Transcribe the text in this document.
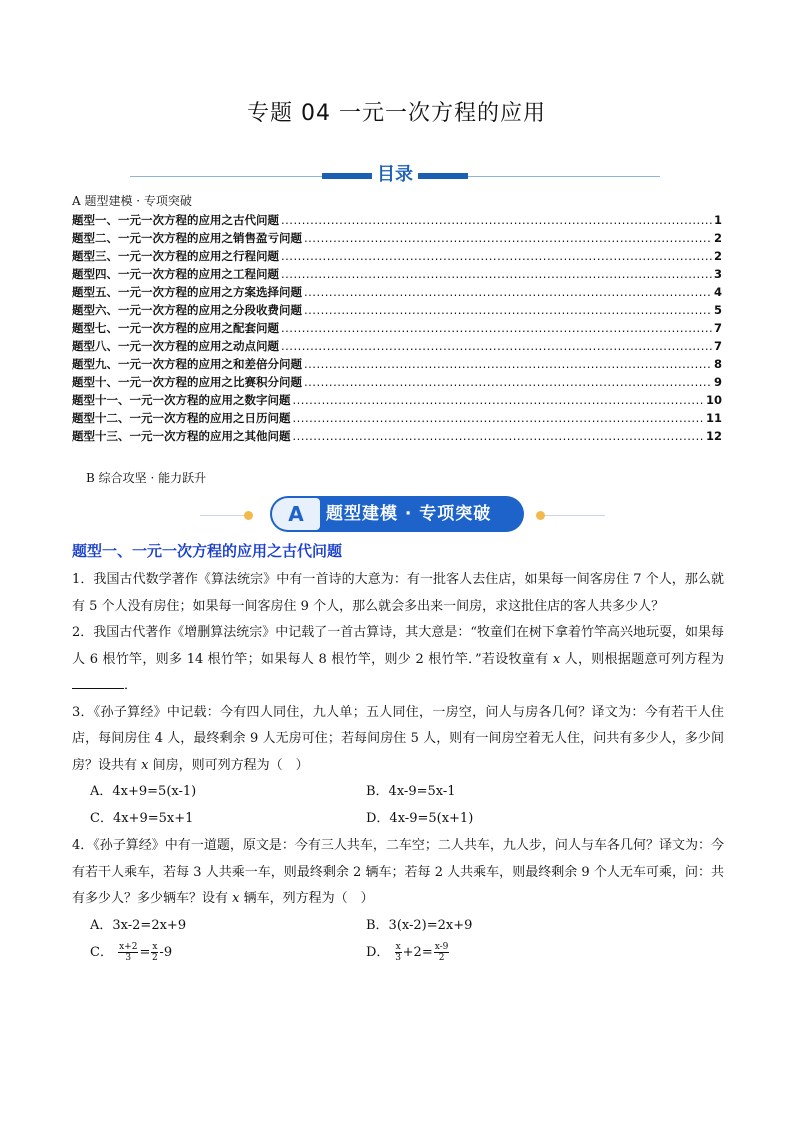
专题 04 一元一次方程的应用
目录
A 题型建模 · 专项突破
题型一、一元一次方程的应用之古代问题 .....	1
题型二、一元一次方程的应用之销售盈亏问题 .....	2
题型三、一元一次方程的应用之行程问题 .....	2
题型四、一元一次方程的应用之工程问题 .....	3
题型五、一元一次方程的应用之方案选择问题 .....	4
题型六、一元一次方程的应用之分段收费问题 .....	5
题型七、一元一次方程的应用之配套问题 .....	7
题型八、一元一次方程的应用之动点问题 .....	7
题型九、一元一次方程的应用之和差倍分问题 .....	8
题型十、一元一次方程的应用之比赛积分问题 .....	9
题型十一、一元一次方程的应用之数字问题 .....	10
题型十二、一元一次方程的应用之日历问题 .....	11
题型十三、一元一次方程的应用之其他问题 .....	12
B 综合攻坚 · 能力跃升
A	题型建模 · 专项突破
题型一、一元一次方程的应用之古代问题

1．我国古代数学著作《算法统宗》中有一首诗的大意为：有一批客人去住店，如果每一间客房住 7 个人，那么就有 5 个人没有房住；如果每一间客房住 9 个人，那么就会多出来一间房，求这批住店的客人共多少人？

2．我国古代著作《增删算法统宗》中记载了一首古算诗，其大意是：“牧童们在树下拿着竹竿高兴地玩耍，如果每人 6 根竹竿，则多 14 根竹竿；如果每人 8 根竹竿，则少 2 根竹竿．”若设牧童有 x 人，则根据题意可列方程为．

3．《孙子算经》中记载：今有四人同住，九人单；五人同住，一房空，问人与房各几何？译文为：今有若干人住店，每间房住 4 人，最终剩余 9 人无房可住；若每间房住 5 人，则有一间房空着无人住，问共有多少人，多少间房？设共有 x 间房，则可列方程为（　）

A．4x+9=5(x-1)	B．4x-9=5x-1
C．4x+9=5x+1	D．4x-9=5(x+1)

4．《孙子算经》中有一道题，原文是：今有三人共车，二车空；二人共车，九人步，问人与车各几何？译文为：今有若干人乘车，若每 3 人共乘一车，则最终剩余 2 辆车；若每 2 人共乘车，则最终剩余 9 个人无车可乘，问：共有多少人？多少辆车？设有 x 辆车，列方程为（　）

A．3x-2=2x+9	B．3(x-2)=2x+9
C． $\frac{x+2}{3} = \frac{x}{2} -9$	D． $\frac{x}{3} +2= \frac{x-9}{2}$
